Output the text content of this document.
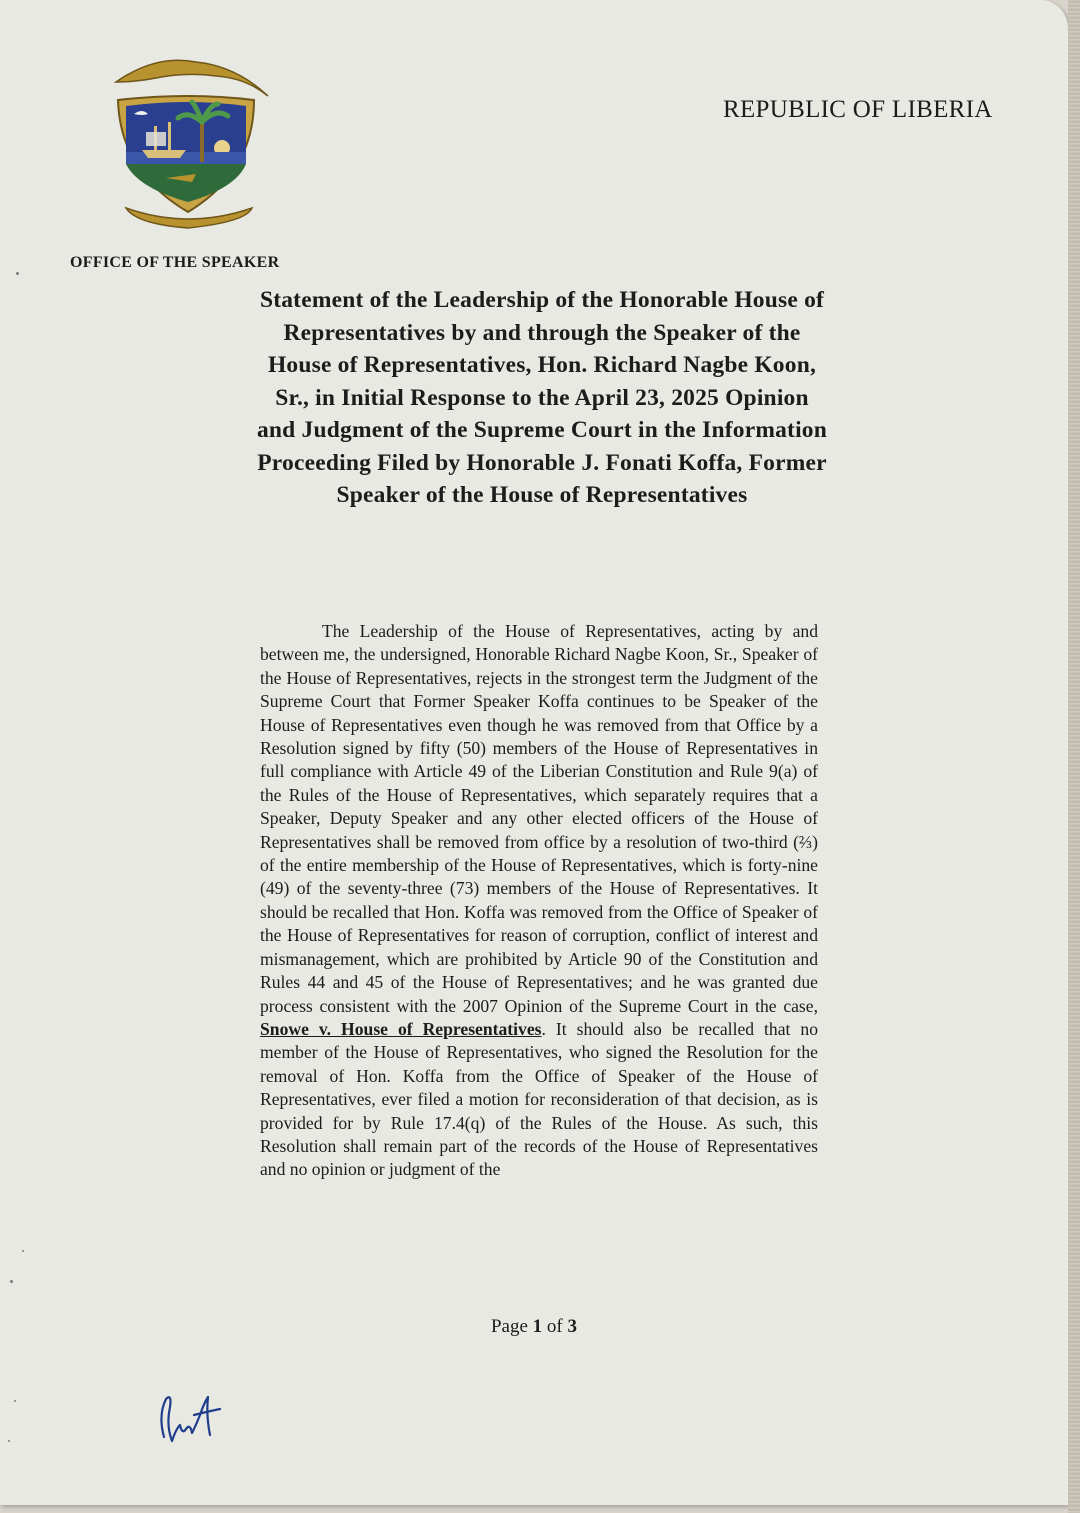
REPUBLIC OF LIBERIA
OFFICE OF THE SPEAKER
Statement of the Leadership of the Honorable House of Representatives by and through the Speaker of the House of Representatives, Hon. Richard Nagbe Koon, Sr., in Initial Response to the April 23, 2025 Opinion and Judgment of the Supreme Court in the Information Proceeding Filed by Honorable J. Fonati Koffa, Former Speaker of the House of Representatives

The Leadership of the House of Representatives, acting by and between me, the undersigned, Honorable Richard Nagbe Koon, Sr., Speaker of the House of Representatives, rejects in the strongest term the Judgment of the Supreme Court that Former Speaker Koffa continues to be Speaker of the House of Representatives even though he was removed from that Office by a Resolution signed by fifty (50) members of the House of Representatives in full compliance with Article 49 of the Liberian Constitution and Rule 9(a) of the Rules of the House of Representatives, which separately requires that a Speaker, Deputy Speaker and any other elected officers of the House of Representatives shall be removed from office by a resolution of two-third (⅔) of the entire membership of the House of Representatives, which is forty-nine (49) of the seventy-three (73) members of the House of Representatives. It should be recalled that Hon. Koffa was removed from the Office of Speaker of the House of Representatives for reason of corruption, conflict of interest and mismanagement, which are prohibited by Article 90 of the Constitution and Rules 44 and 45 of the House of Representatives; and he was granted due process consistent with the 2007 Opinion of the Supreme Court in the case, Snowe v. House of Representatives. It should also be recalled that no member of the House of Representatives, who signed the Resolution for the removal of Hon. Koffa from the Office of Speaker of the House of Representatives, ever filed a motion for reconsideration of that decision, as is provided for by Rule 17.4(q) of the Rules of the House. As such, this Resolution shall remain part of the records of the House of Representatives and no opinion or judgment of the

Page 1 of 3
